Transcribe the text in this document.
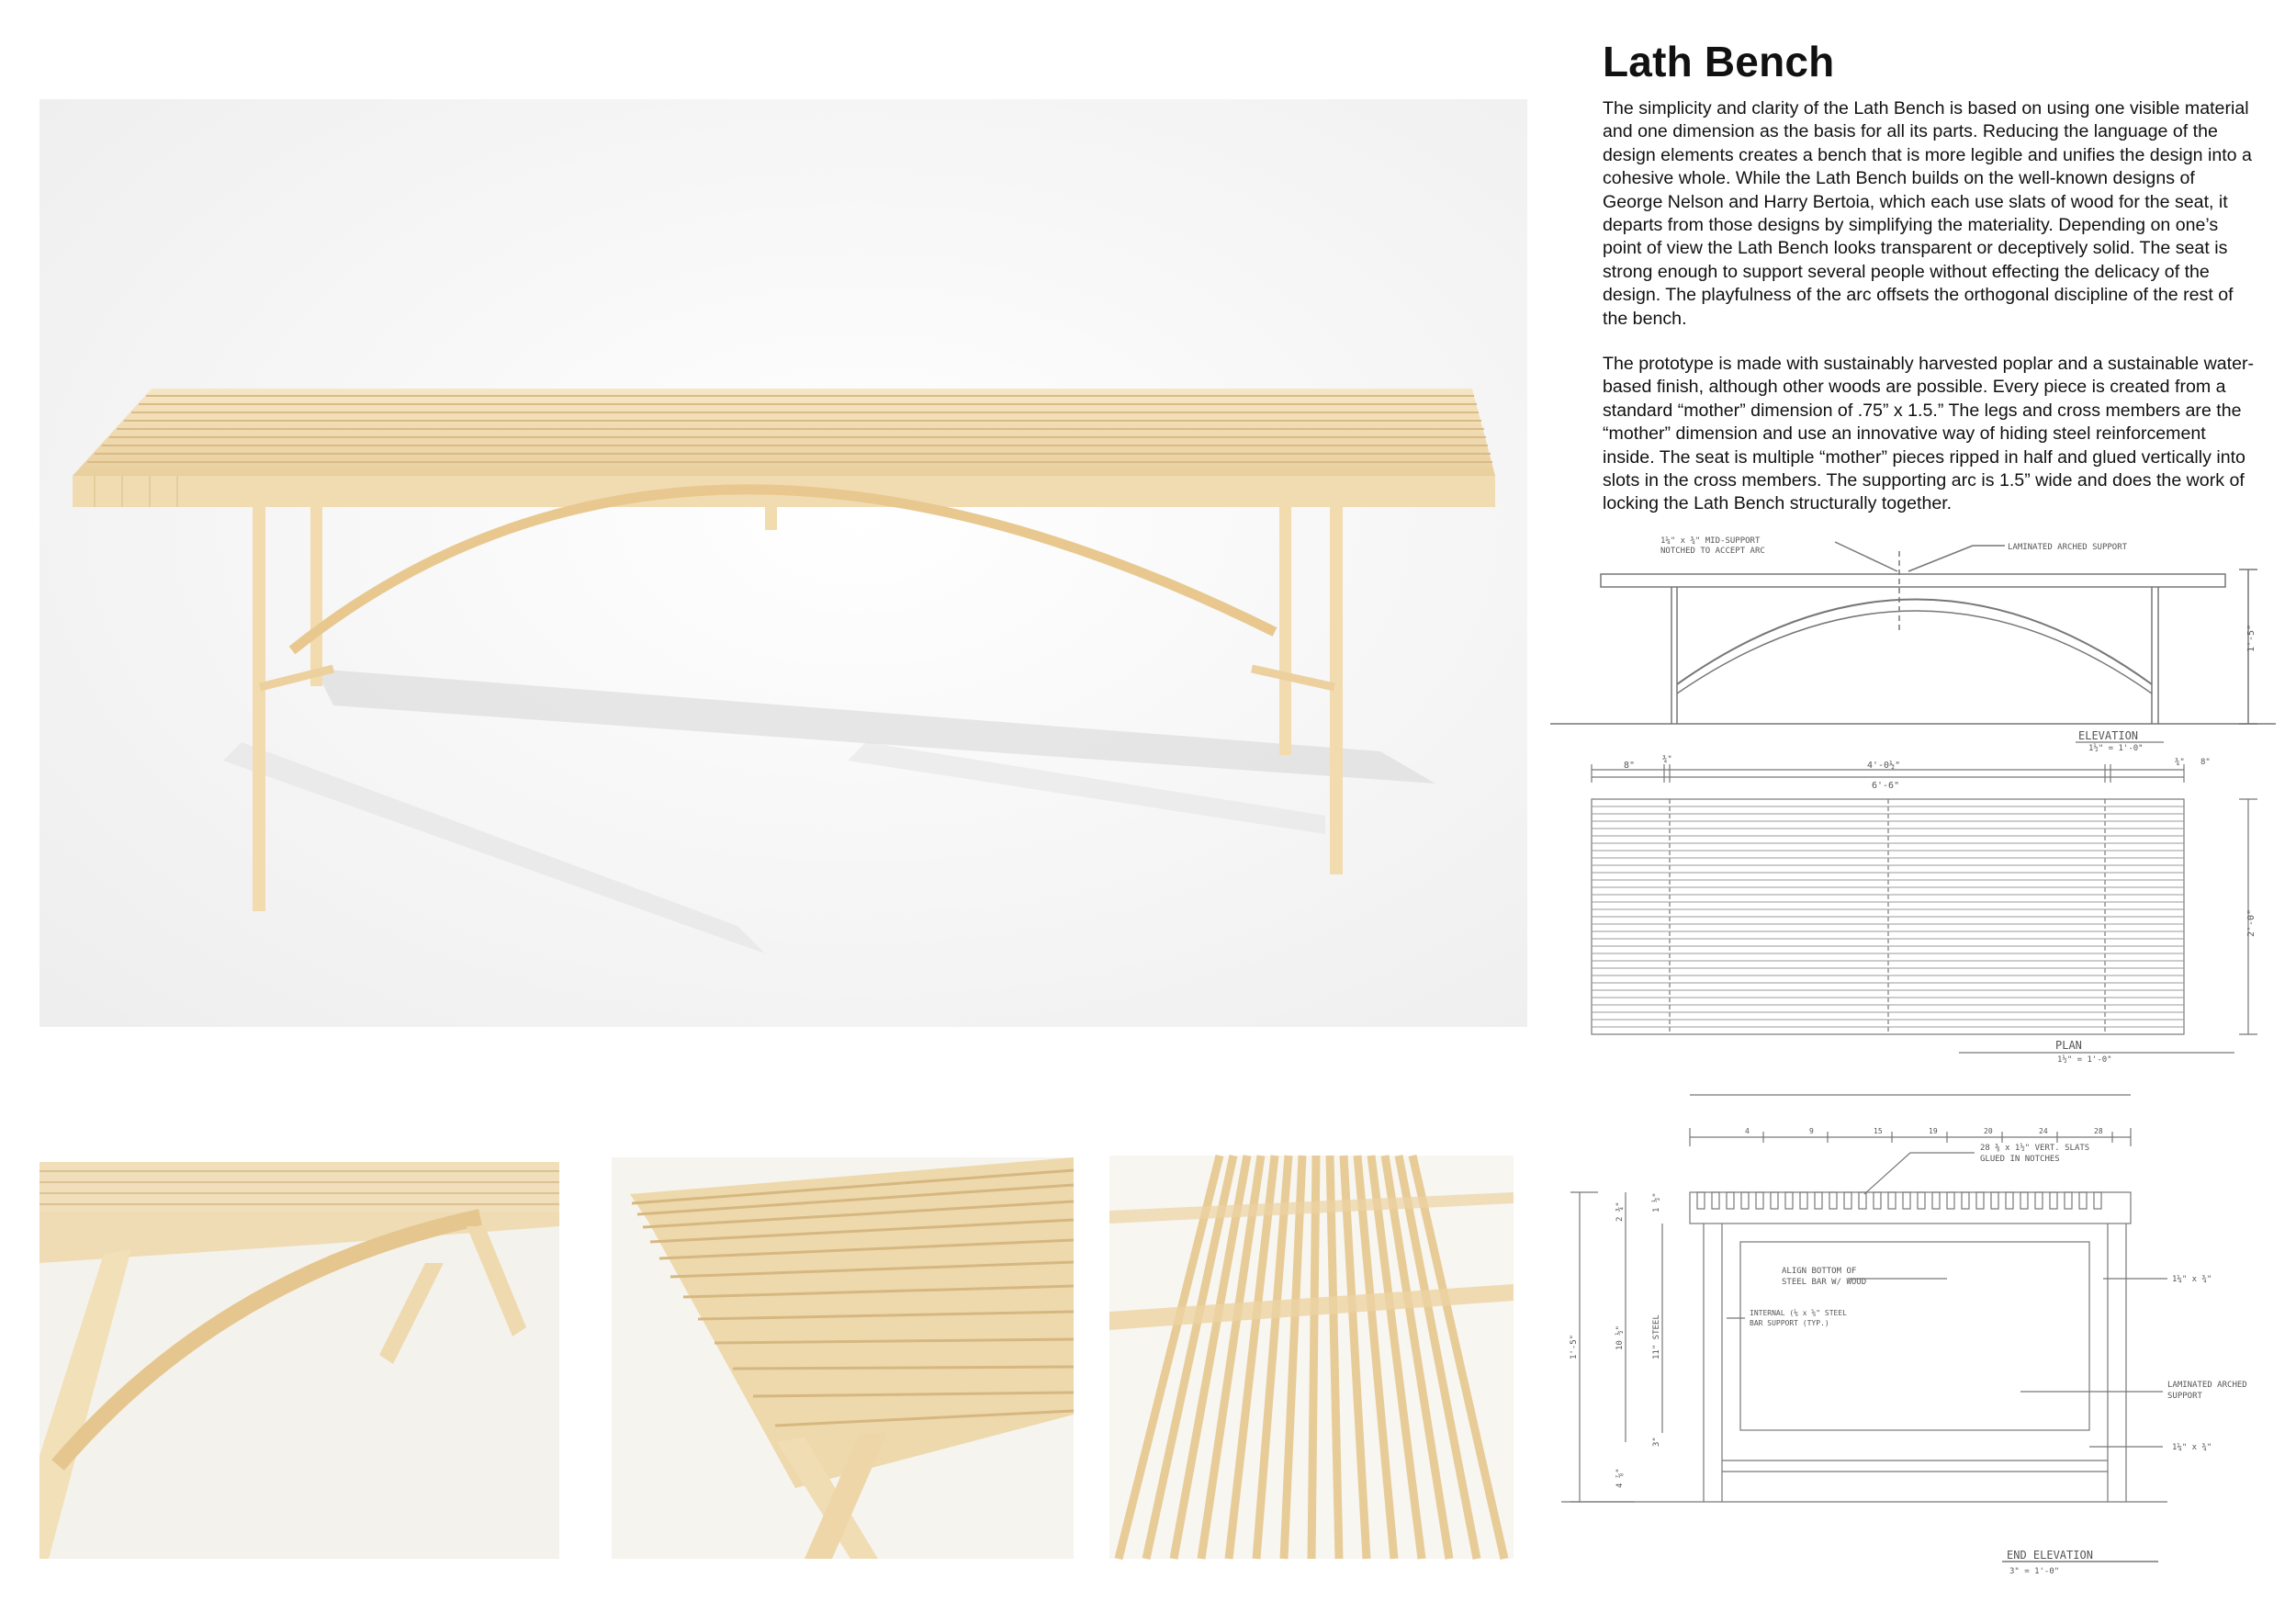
Lath Bench

The simplicity and clarity of the Lath Bench is based on using one visible material and one dimension as the basis for all its parts. Reducing the language of the design elements creates a bench that is more legible and unifies the design into a cohesive whole. While the Lath Bench builds on the well-known designs of George Nelson and Harry Bertoia, which each use slats of wood for the seat, it departs from those designs by simplifying the materiality. Depending on one’s point of view the Lath Bench looks transparent or deceptively solid. The seat is strong enough to support several people without effecting the delicacy of the design. The playfulness of the arc offsets the orthogonal discipline of the rest of the bench.

The prototype is made with sustainably harvested poplar and a sustainable water-based finish, although other woods are possible. Every piece is created from a standard “mother” dimension of .75” x 1.5.” The legs and cross members are the “mother” dimension and use an innovative way of hiding steel reinforcement inside. The seat is multiple “mother” pieces ripped in half and glued vertically into slots in the cross members. The supporting arc is 1.5” wide and does the work of locking the Lath Bench structurally together.

1¼" x ¾" MID-SUPPORT
NOTCHED TO ACCEPT ARC	LAMINATED ARCHED SUPPORT
1'-5"
ELEVATION
1½" = 1'-0"
¾" 8"
8"
¾"
4'-0½"
6'-6"
2'-0"
PLAN
1½" = 1'-0"
4	9	15	19	20	24	28
28 ⅜ x 1½" VERT. SLATS
GLUED IN NOTCHES
ALIGN BOTTOM OF
STEEL BAR W/ WOOD
INTERNAL (⅛ x ⅝" STEEL
BAR SUPPORT (TYP.)
1¼" x ¾"
LAMINATED ARCHED
SUPPORT
1¼" x ¾"
1'-5"	10 ½"	11" STEEL
2 ¾"	1 ½"
3"
4 ⅞"
END ELEVATION
3" = 1'-0"
